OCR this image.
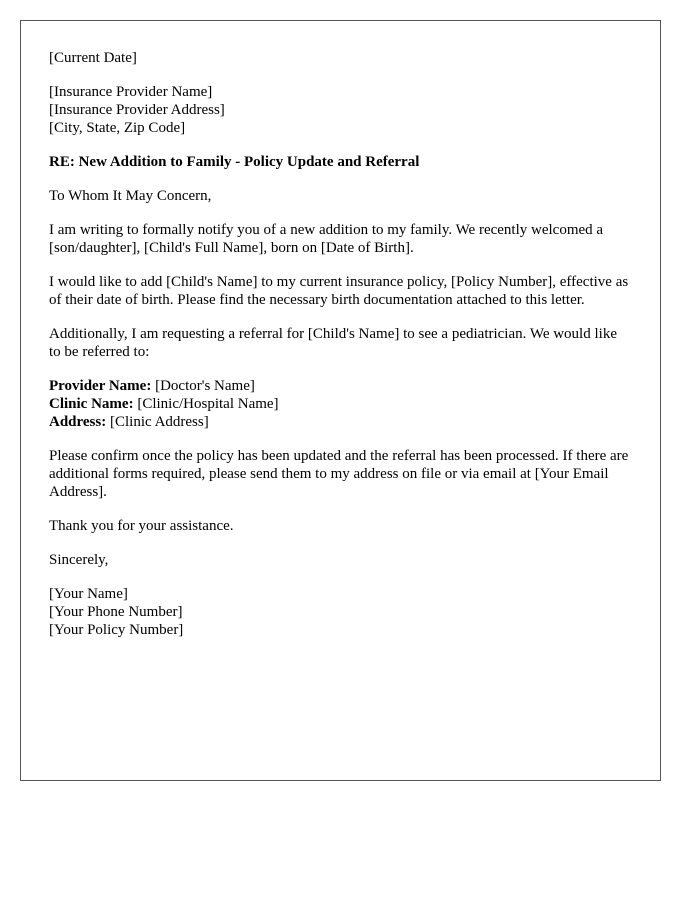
[Current Date]
[Insurance Provider Name]
[Insurance Provider Address]
[City, State, Zip Code]
RE: New Addition to Family - Policy Update and Referral

To Whom It May Concern,

I am writing to formally notify you of a new addition to my family. We recently welcomed a [son/daughter], [Child's Full Name], born on [Date of Birth].

I would like to add [Child's Name] to my current insurance policy, [Policy Number], effective as of their date of birth. Please find the necessary birth documentation attached to this letter.

Additionally, I am requesting a referral for [Child's Name] to see a pediatrician. We would like to be referred to:

Provider Name: [Doctor's Name]
Clinic Name: [Clinic/Hospital Name]
Address: [Clinic Address]

Please confirm once the policy has been updated and the referral has been processed. If there are additional forms required, please send them to my address on file or via email at [Your Email Address].

Thank you for your assistance.

Sincerely,

[Your Name]
[Your Phone Number]
[Your Policy Number]
